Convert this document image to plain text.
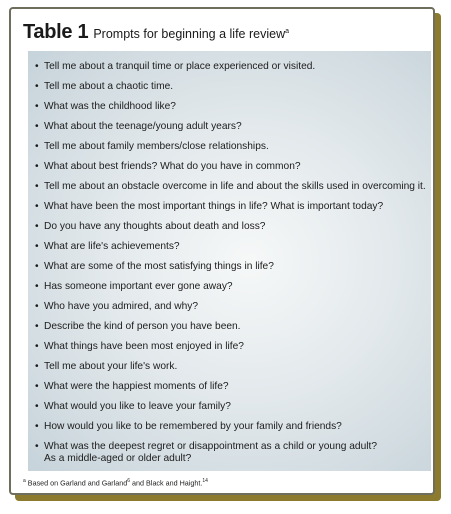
Table 1 Prompts for beginning a life review$^a$
• Tell me about a tranquil time or place experienced or visited.
• Tell me about a chaotic time.
• What was the childhood like?
• What about the teenage/young adult years?
• Tell me about family members/close relationships.
• What about best friends? What do you have in common?
• Tell me about an obstacle overcome in life and about the skills used in overcoming it.
• What have been the most important things in life? What is important today?
• Do you have any thoughts about death and loss?
• What are life's achievements?
• What are some of the most satisfying things in life?
• Has someone important ever gone away?
• Who have you admired, and why?
• Describe the kind of person you have been.
• What things have been most enjoyed in life?
• Tell me about your life's work.
• What were the happiest moments of life?
• What would you like to leave your family?
• How would you like to be remembered by your family and friends?
• What was the deepest regret or disappointment as a child or young adult?
As a middle-aged or older adult?
$^a$ Based on Garland and Garland$^6$ and Black and Haight.$^{14}$
